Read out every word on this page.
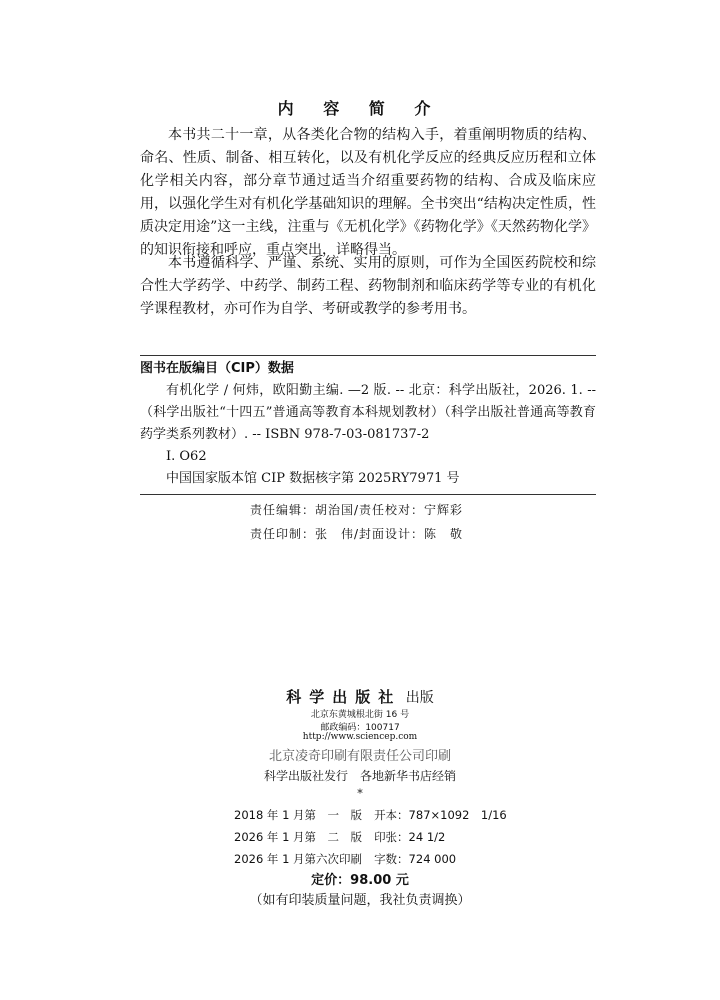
内 容 简 介

本书共二十一章，从各类化合物的结构入手，着重阐明物质的结构、命名、性质、制备、相互转化，以及有机化学反应的经典反应历程和立体化学相关内容，部分章节通过适当介绍重要药物的结构、合成及临床应用，以强化学生对有机化学基础知识的理解。全书突出“结构决定性质，性质决定用途”这一主线，注重与《无机化学》《药物化学》《天然药物化学》的知识衔接和呼应，重点突出，详略得当。

本书遵循科学、严谨、系统、实用的原则，可作为全国医药院校和综合性大学药学、中药学、制药工程、药物制剂和临床药学等专业的有机化学课程教材，亦可作为自学、考研或教学的参考用书。

图书在版编目（CIP）数据
有机化学 / 何炜，欧阳勤主编. —2 版. -- 北京：科学出版社，2026. 1. --（科学出版社“十四五”普通高等教育本科规划教材）（科学出版社普通高等教育药学类系列教材）. -- ISBN 978-7-03-081737-2
Ⅰ. O62
中国国家版本馆 CIP 数据核字第 2025RY7971 号
责任编辑：胡治国/责任校对：宁辉彩
责任印制：张　伟/封面设计：陈　敬
科学出版社 出版
北京东黄城根北街 16 号
邮政编码：100717
http://www.sciencep.com
北京凌奇印刷有限责任公司印刷
科学出版社发行　各地新华书店经销
*
2018 年 1 月第　一　版 开本：787×1092　1/16
2026 年 1 月第　二　版 印张：24 1/2
2026 年 1 月第六次印刷 字数：724 000
定价：98.00 元
（如有印装质量问题，我社负责调换）
